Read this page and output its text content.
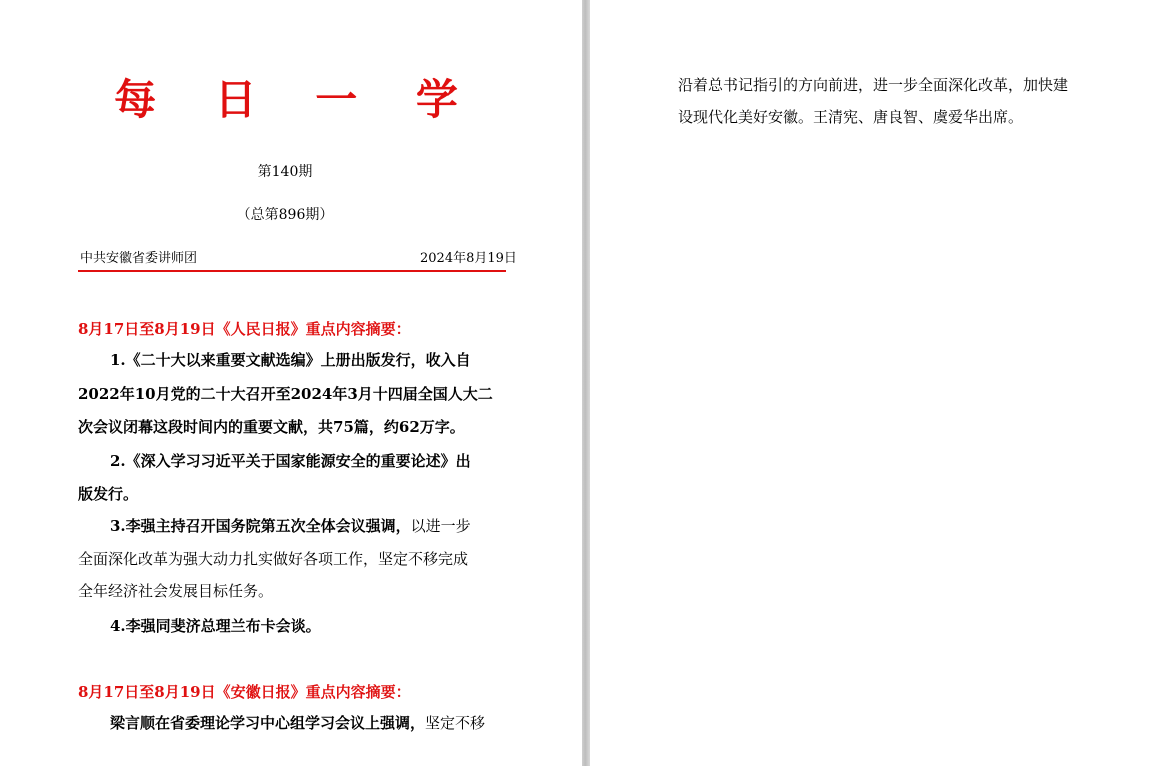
每 日 一 学
第140期
（总第896期）
中共安徽省委讲师团	2024年8月19日
8月17日至8月19日《人民日报》重点内容摘要：
1.《二十大以来重要文献选编》上册出版发行，收入自
2022年10月党的二十大召开至2024年3月十四届全国人大二
次会议闭幕这段时间内的重要文献，共75篇，约62万字。
2.《深入学习习近平关于国家能源安全的重要论述》出
版发行。
3.李强主持召开国务院第五次全体会议强调，以进一步
全面深化改革为强大动力扎实做好各项工作，坚定不移完成
全年经济社会发展目标任务。
4.李强同斐济总理兰布卡会谈。
8月17日至8月19日《安徽日报》重点内容摘要：
梁言顺在省委理论学习中心组学习会议上强调，坚定不移
沿着总书记指引的方向前进，进一步全面深化改革，加快建
设现代化美好安徽。王清宪、唐良智、虞爱华出席。
